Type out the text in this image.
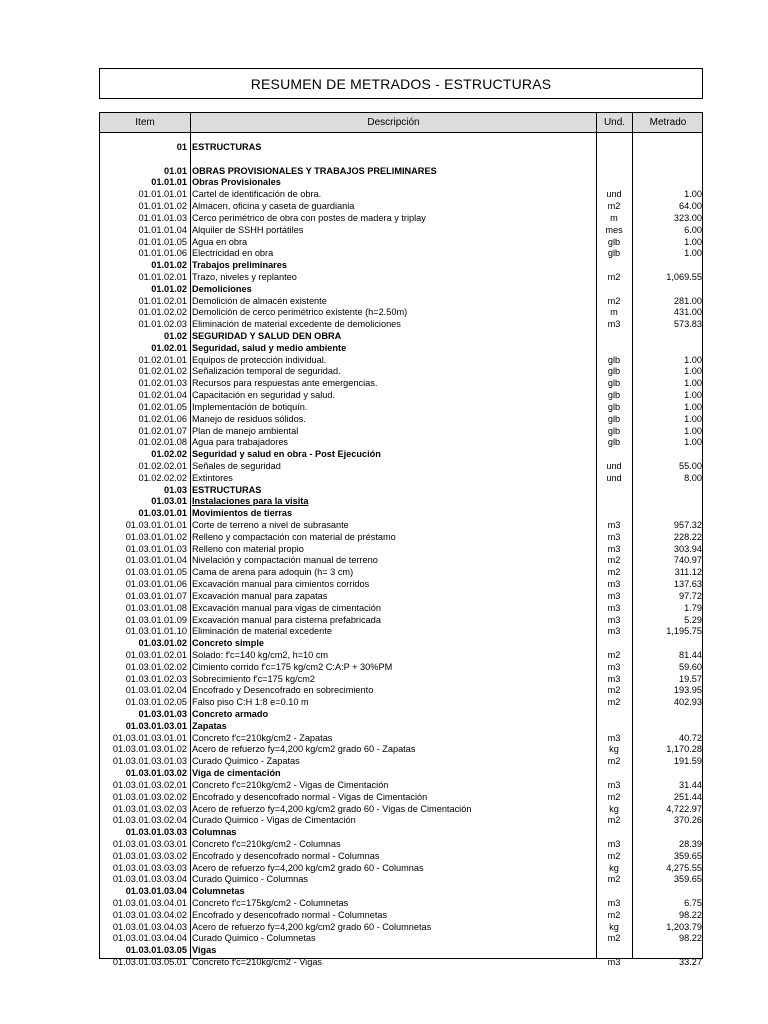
RESUMEN DE METRADOS - ESTRUCTURAS
Item	Descripción	Und.	Metrado
01 ESTRUCTURAS
01.01 OBRAS PROVISIONALES Y TRABAJOS PRELIMINARES
01.01.01 Obras Provisionales
01.01.01.01 Cartel de identificación de obra.	und	1.00
01.01.01.02 Almacen, oficina y caseta de guardiania	m2	64.00
01.01.01.03 Cerco perimétrico de obra con postes de madera y triplay	m	323.00
01.01.01.04 Alquiler de SSHH portátiles	mes	6.00
01.01.01.05 Agua en obra	glb	1.00
01.01.01.06 Electricidad en obra	glb	1.00
01.01.02 Trabajos preliminares
01.01.02.01 Trazo, niveles y replanteo	m2	1,069.55
01.01.02 Demoliciones
01.01.02.01 Demolición de almacén existente	m2	281.00
01.01.02.02 Demolición de cerco perimétrico existente (h=2.50m)	m	431.00
01.01.02.03 Eliminación de material excedente de demoliciones	m3	573.83
01.02 SEGURIDAD Y SALUD DEN OBRA
01.02.01 Seguridad, salud y medio ambiente
01.02.01.01 Equipos de protección individual.	glb	1.00
01.02.01.02 Señalización temporal de seguridad.	glb	1.00
01.02.01.03 Recursos para respuestas ante emergencias.	glb	1.00
01.02.01.04 Capacitación en seguridad y salud.	glb	1.00
01.02.01.05 Implementación de botiquín.	glb	1.00
01.02.01.06 Manejo de residuos sólidos.	glb	1.00
01.02.01.07 Plan de manejo ambiental	glb	1.00
01.02.01.08 Agua para trabajadores	glb	1.00
01.02.02 Seguridad y salud en obra - Post Ejecución
01.02.02.01 Señales de seguridad	und	55.00
01.02.02.02 Extintores	und	8.00
01.03 ESTRUCTURAS
01.03.01 Instalaciones para la visita
01.03.01.01 Movimientos de tierras
01.03.01.01.01 Corte de terreno a nivel de subrasante	m3	957.32
01.03.01.01.02 Relleno y compactación con material de préstamo	m3	228.22
01.03.01.01.03 Relleno con material propio	m3	303.94
01.03.01.01.04 Nivelación y compactación manual de terreno	m2	740.97
01.03.01.01.05 Cama de arena para adoquin (h= 3 cm)	m2	311.12
01.03.01.01.06 Excavación manual para cimientos corridos	m3	137.63
01.03.01.01.07 Excavación manual para zapatas	m3	97.72
01.03.01.01.08 Excavación manual para vigas de cimentación	m3	1.79
01.03.01.01.09 Excavación manual para cisterna prefabricada	m3	5.29
01.03.01.01.10 Eliminación de material excedente	m3	1,195.75
01.03.01.02 Concreto simple
01.03.01.02.01 Solado: f'c=140 kg/cm2, h=10 cm	m2	81.44
01.03.01.02.02 Cimiento corrido f'c=175 kg/cm2 C:A:P + 30%PM	m3	59.60
01.03.01.02.03 Sobrecimiento f'c=175 kg/cm2	m3	19.57
01.03.01.02.04 Encofrado y Desencofrado en sobrecimiento	m2	193.95
01.03.01.02.05 Falso piso C:H 1:8 e=0.10 m	m2	402.93
01.03.01.03 Concreto armado
01.03.01.03.01 Zapatas
01.03.01.03.01.01 Concreto f'c=210kg/cm2 - Zapatas	m3	40.72
01.03.01.03.01.02 Acero de refuerzo fy=4,200 kg/cm2 grado 60 - Zapatas	kg	1,170.28
01.03.01.03.01.03 Curado Quimico - Zapatas	m2	191.59
01.03.01.03.02 Viga de cimentación
01.03.01.03.02.01 Concreto f'c=210kg/cm2 - Vigas de Cimentación	m3	31.44
01.03.01.03.02.02 Encofrado y desencofrado normal - Vigas de Cimentación	m2	251.44
01.03.01.03.02.03 Acero de refuerzo fy=4,200 kg/cm2 grado 60 - Vigas de Cimentación	kg	4,722.97
01.03.01.03.02.04 Curado Quimico - Vigas de Cimentación	m2	370.26
01.03.01.03.03 Columnas
01.03.01.03.03.01 Concreto f'c=210kg/cm2 - Columnas	m3	28.39
01.03.01.03.03.02 Encofrado y desencofrado normal - Columnas	m2	359.65
01.03.01.03.03.03 Acero de refuerzo fy=4,200 kg/cm2 grado 60 - Columnas	kg	4,275.55
01.03.01.03.03.04 Curado Quimico - Columnas	m2	359.65
01.03.01.03.04 Columnetas
01.03.01.03.04.01 Concreto f'c=175kg/cm2 - Columnetas	m3	6.75
01.03.01.03.04.02 Encofrado y desencofrado normal - Columnetas	m2	98.22
01.03.01.03.04.03 Acero de refuerzo fy=4,200 kg/cm2 grado 60 - Columnetas	kg	1,203.79
01.03.01.03.04.04 Curado Quimico - Columnetas	m2	98.22
01.03.01.03.05 Vigas
01.03.01.03.05.01 Concreto f'c=210kg/cm2 - Vigas	m3	33.27
